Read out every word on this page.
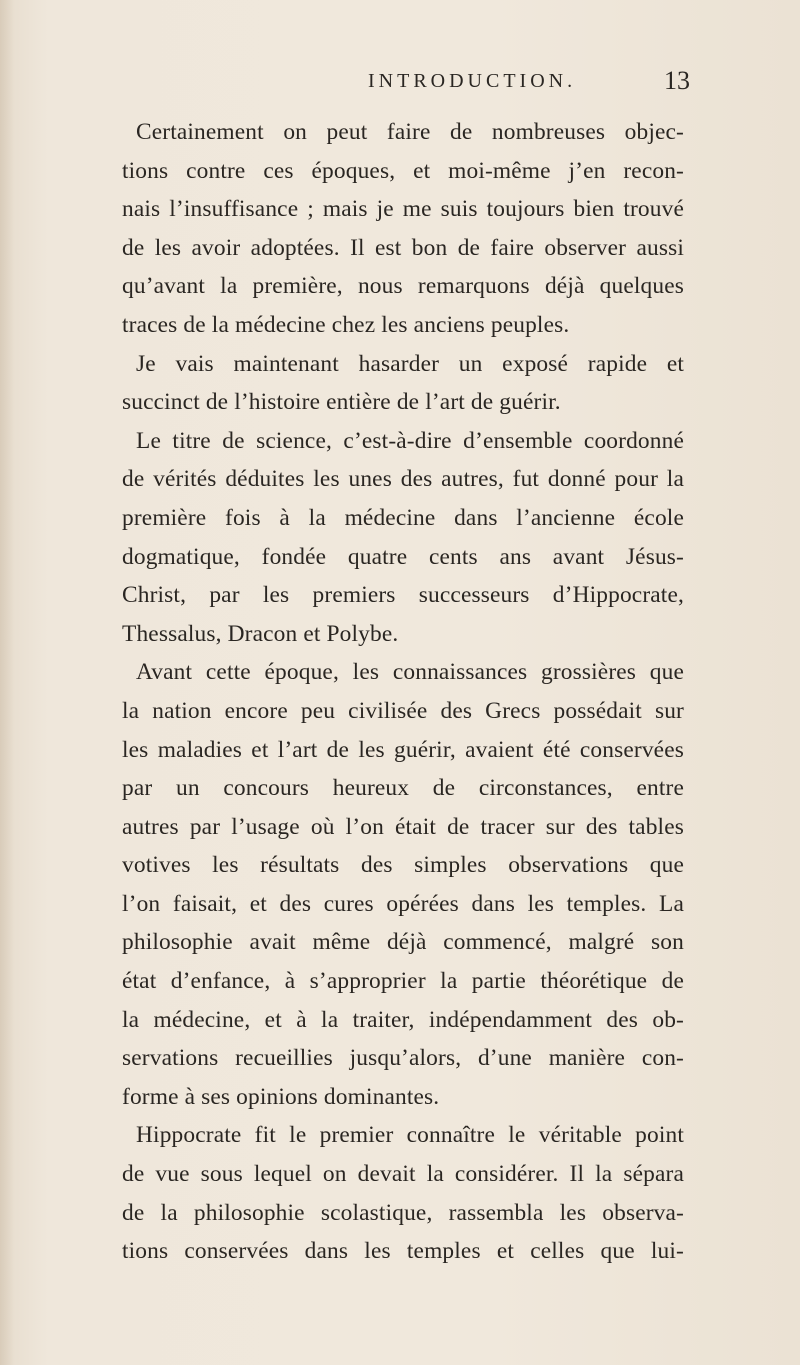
INTRODUCTION.	13
Certainement on peut faire de nombreuses objec-
tions contre ces époques, et moi-même j’en recon-
nais l’insuffisance ; mais je me suis toujours bien trouvé
de les avoir adoptées. Il est bon de faire observer aussi
qu’avant la première, nous remarquons déjà quelques
traces de la médecine chez les anciens peuples.
Je vais maintenant hasarder un exposé rapide et
succinct de l’histoire entière de l’art de guérir.
Le titre de science, c’est-à-dire d’ensemble coordonné
de vérités déduites les unes des autres, fut donné pour la
première fois à la médecine dans l’ancienne école
dogmatique, fondée quatre cents ans avant Jésus-
Christ, par les premiers successeurs d’Hippocrate,
Thessalus, Dracon et Polybe.
Avant cette époque, les connaissances grossières que
la nation encore peu civilisée des Grecs possédait sur
les maladies et l’art de les guérir, avaient été conservées
par un concours heureux de circonstances, entre
autres par l’usage où l’on était de tracer sur des tables
votives les résultats des simples observations que
l’on faisait, et des cures opérées dans les temples. La
philosophie avait même déjà commencé, malgré son
état d’enfance, à s’approprier la partie théorétique de
la médecine, et à la traiter, indépendamment des ob-
servations recueillies jusqu’alors, d’une manière con-
forme à ses opinions dominantes.
Hippocrate fit le premier connaître le véritable point
de vue sous lequel on devait la considérer. Il la sépara
de la philosophie scolastique, rassembla les observa-
tions conservées dans les temples et celles que lui-
